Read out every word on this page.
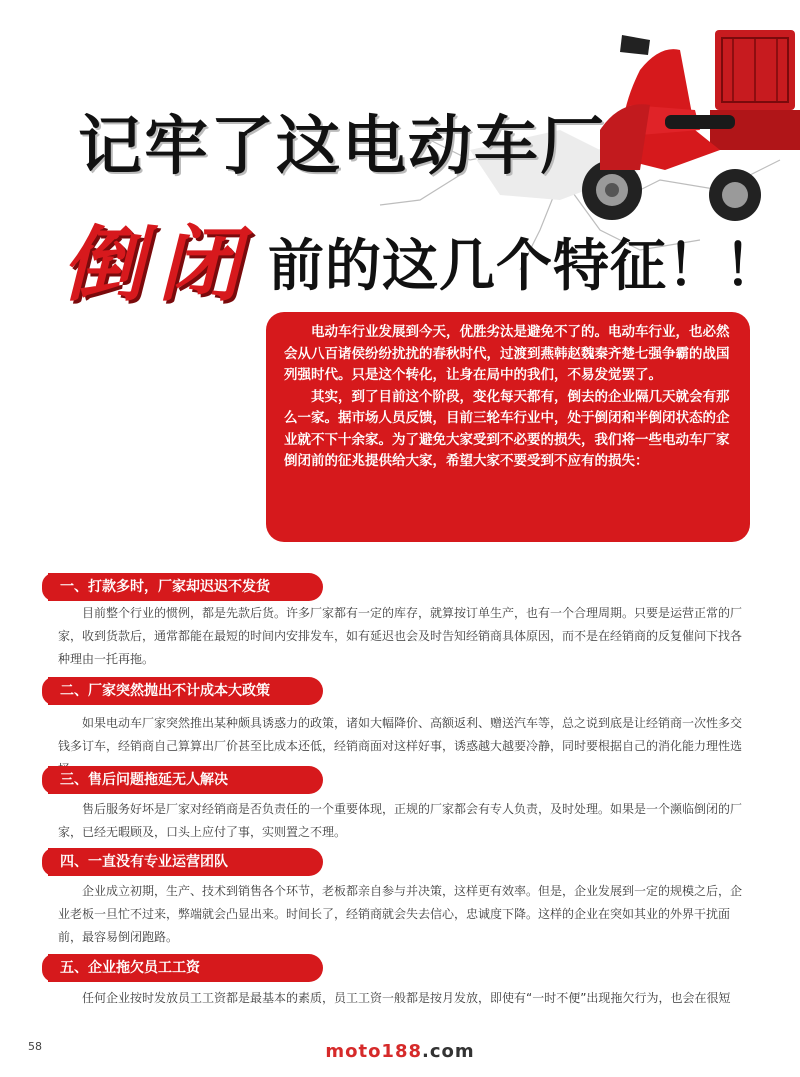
记牢了这电动车厂
倒闭 前的这几个特征！！

电动车行业发展到今天，优胜劣汰是避免不了的。电动车行业，也必然会从八百诸侯纷纷扰扰的春秋时代，过渡到燕韩赵魏秦齐楚七强争霸的战国列强时代。只是这个转化，让身在局中的我们，不易发觉罢了。

其实，到了目前这个阶段，变化每天都有，倒去的企业隔几天就会有那么一家。据市场人员反馈，目前三轮车行业中，处于倒闭和半倒闭状态的企业就不下十余家。为了避免大家受到不必要的损失，我们将一些电动车厂家倒闭前的征兆提供给大家，希望大家不要受到不应有的损失：

一、打款多时，厂家却迟迟不发货

目前整个行业的惯例，都是先款后货。许多厂家都有一定的库存，就算按订单生产，也有一个合理周期。只要是运营正常的厂家，收到货款后，通常都能在最短的时间内安排发车，如有延迟也会及时告知经销商具体原因，而不是在经销商的反复催问下找各种理由一托再拖。

二、厂家突然抛出不计成本大政策

如果电动车厂家突然推出某种颇具诱惑力的政策，诸如大幅降价、高额返利、赠送汽车等，总之说到底是让经销商一次性多交钱多订车，经销商自己算算出厂价甚至比成本还低，经销商面对这样好事，诱惑越大越要冷静，同时要根据自己的消化能力理性选

三、售后问题拖延无人解决

售后服务好坏是厂家对经销商是否负责任的一个重要体现，正规的厂家都会有专人负责，及时处理。如果是一个濒临倒闭的厂家，已经无暇顾及，口头上应付了事，实则置之不理。

四、一直没有专业运营团队

企业成立初期，生产、技术到销售各个环节，老板都亲自参与并决策，这样更有效率。但是，企业发展到一定的规模之后，企业老板一旦忙不过来，弊端就会凸显出来。时间长了，经销商就会失去信心，忠诚度下降。这样的企业在突如其业的外界干扰面前，最容易倒闭跑路。

五、企业拖欠员工工资

任何企业按时发放员工工资都是最基本的素质，员工工资一般都是按月发放，即使有“一时不便”出现拖欠行为，也会在很短

58	moto188.com
